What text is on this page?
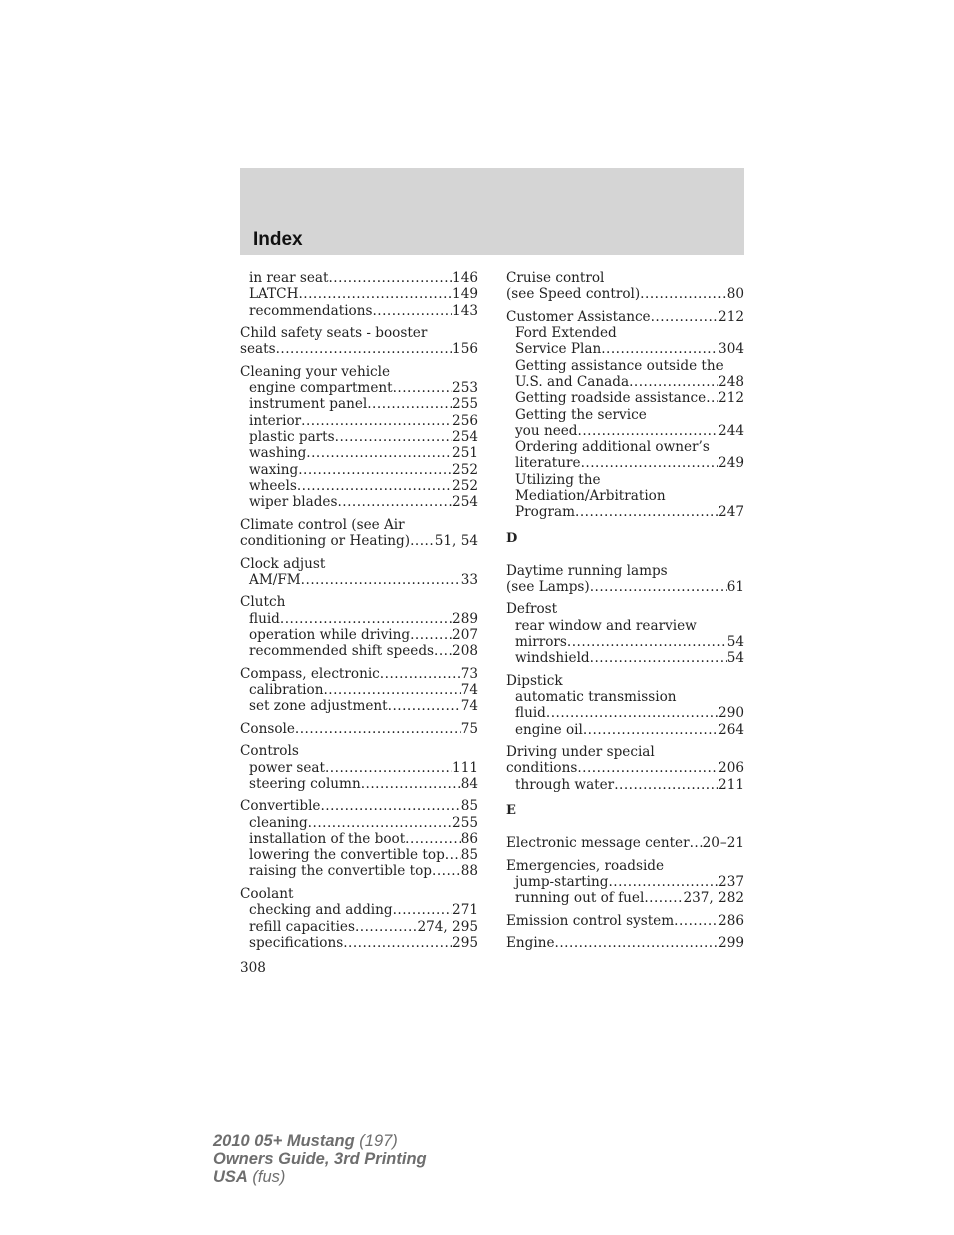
Index
in rear seat .....	146
LATCH .....	149
recommendations .....	143
Child safety seats - booster
seats .....	156
Cleaning your vehicle
engine compartment .....	253
instrument panel .....	255
interior .....	256
plastic parts .....	254
washing .....	251
waxing .....	252
wheels .....	252
wiper blades .....	254
Climate control (see Air
conditioning or Heating) ..... 51, 54
Clock adjust
AM/FM .....	33
Clutch
fluid .....	289
operation while driving .....	207
recommended shift speeds ..... 208
Compass, electronic .....	73
calibration .....	74
set zone adjustment .....	74
Console .....	75
Controls
power seat .....	111
steering column .....	84
Convertible .....	85
cleaning .....	255
installation of the boot .....	86
lowering the convertible top ..... 85
raising the convertible top ..... 88
Coolant
checking and adding .....	271
refill capacities .....	274, 295
specifications .....	295
Cruise control
(see Speed control) .....	80
Customer Assistance .....	212
Ford Extended
Service Plan .....	304
Getting assistance outside the
U.S. and Canada .....	248
Getting roadside assistance ..... 212
Getting the service
you need .....	244
Ordering additional owner’s
literature .....	249
Utilizing the
Mediation/Arbitration
Program .....	247
D
Daytime running lamps
(see Lamps) .....	61
Defrost
rear window and rearview
mirrors .....	54
windshield .....	54
Dipstick
automatic transmission
fluid .....	290
engine oil .....	264
Driving under special
conditions .....	206
through water .....	211
E
Electronic message center ..... 20–21
Emergencies, roadside
jump-starting .....	237
running out of fuel .....	237, 282
Emission control system .....	286
Engine .....	299
308
2010 05+ Mustang (197)
Owners Guide, 3rd Printing
USA (fus)
